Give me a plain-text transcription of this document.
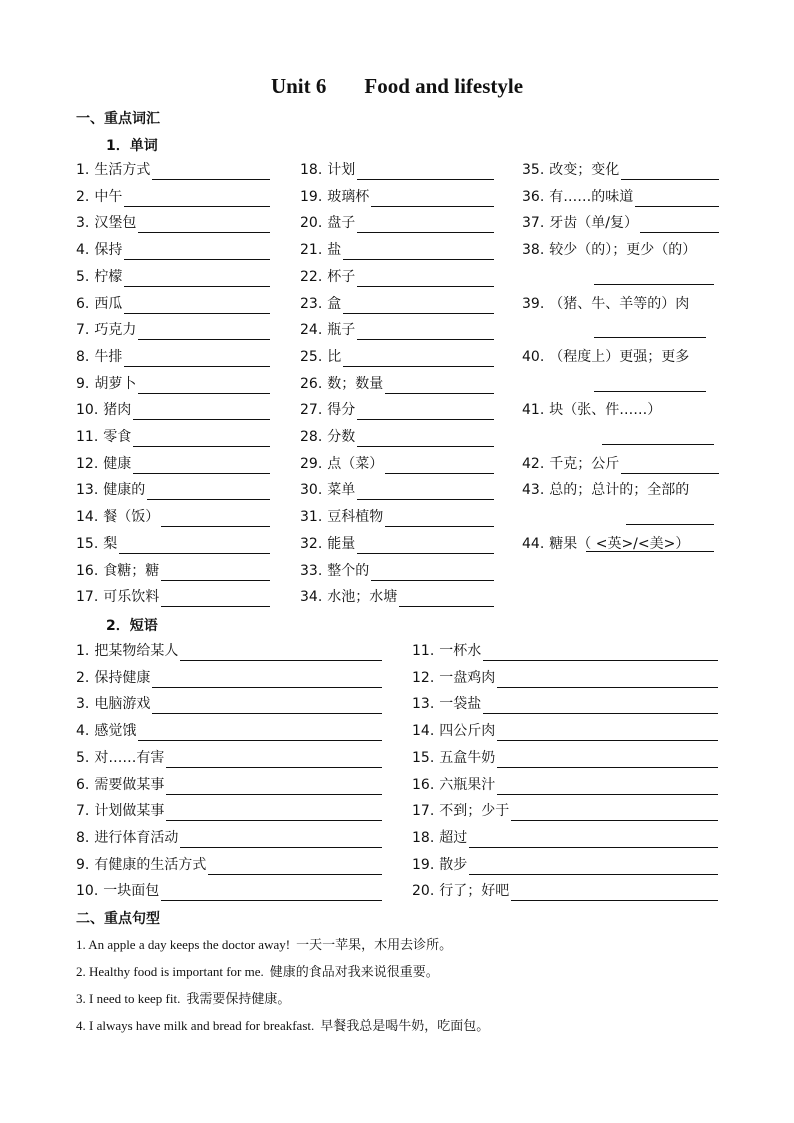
Unit 6 Food and lifestyle
一、重点词汇
1．单词
1. 生活方式
2. 中午
3. 汉堡包
4. 保持
5. 柠檬
6. 西瓜
7. 巧克力
8. 牛排
9. 胡萝卜
10. 猪肉
11. 零食
12. 健康
13. 健康的
14. 餐（饭）
15. 梨
16. 食糖；糖
17. 可乐饮料
18. 计划
19. 玻璃杯
20. 盘子
21. 盐
22. 杯子
23. 盒
24. 瓶子
25. 比
26. 数；数量
27. 得分
28. 分数
29. 点（菜）
30. 菜单
31. 豆科植物
32. 能量
33. 整个的
34. 水池；水塘
35. 改变；变化
36. 有……的味道
37. 牙齿（单/复）
38. 较少（的）；更少（的）
39. （猪、牛、羊等的）肉
40. （程度上）更强；更多
41. 块（张、件……）
42. 千克；公斤
43. 总的；总计的；全部的
44. 糖果（ <英>/<美>）
2．短语
1. 把某物给某人
2. 保持健康
3. 电脑游戏
4. 感觉饿
5. 对……有害
6. 需要做某事
7. 计划做某事
8. 进行体育活动
9. 有健康的生活方式
10. 一块面包
11. 一杯水
12. 一盘鸡肉
13. 一袋盐
14. 四公斤肉
15. 五盒牛奶
16. 六瓶果汁
17. 不到；少于
18. 超过
19. 散步
20. 行了；好吧
二、重点句型
1. An apple a day keeps the doctor away! 一天一苹果，木用去诊所。
2. Healthy food is important for me. 健康的食品对我来说很重要。
3. I need to keep fit. 我需要保持健康。
4. I always have milk and bread for breakfast. 早餐我总是喝牛奶，吃面包。
